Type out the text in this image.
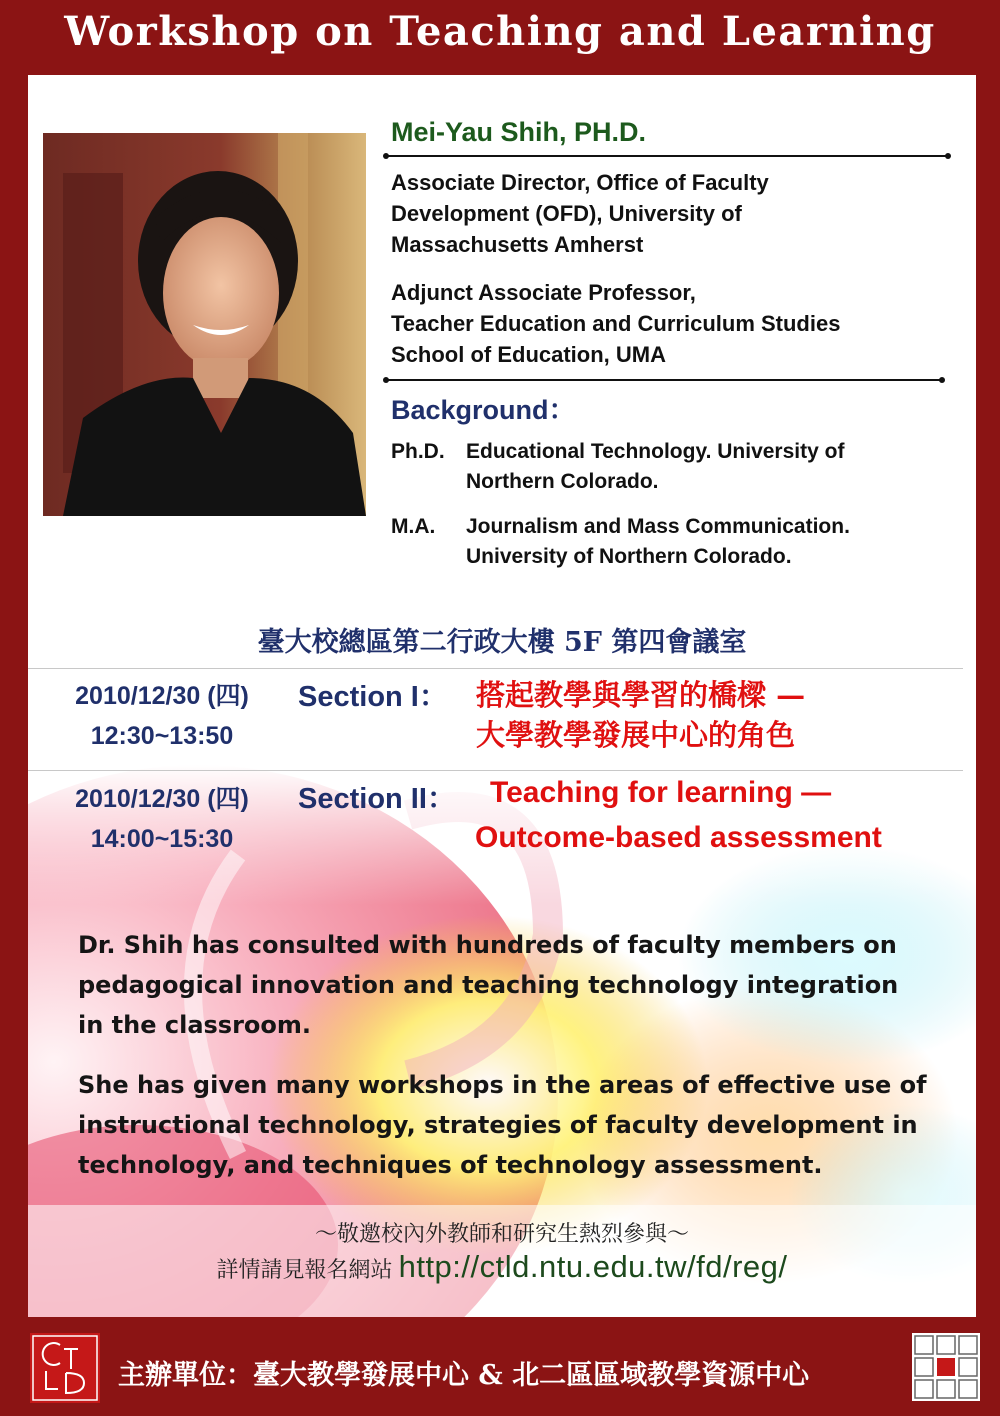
Workshop on Teaching and Learning
Mei-Yau Shih, PH.D.
Associate Director, Office of Faculty
Development (OFD), University of
Massachusetts Amherst
Adjunct Associate Professor,
Teacher Education and Curriculum Studies
School of Education, UMA
Background：
Ph.D. Educational Technology. University of
Northern Colorado.
M.A. Journalism and Mass Communication.
University of Northern Colorado.
臺大校總區第二行政大樓 5F 第四會議室
2010/12/30 (四)
12:30~13:50
Section I： 搭起教學與學習的橋樑 —
大學教學發展中心的角色
2010/12/30 (四)
14:00~15:30
Section II： Teaching for learning —
Outcome-based assessment
Dr. Shih has consulted with hundreds of faculty members on
pedagogical innovation and teaching technology integration
in the classroom.
She has given many workshops in the areas of effective use of
instructional technology, strategies of faculty development in
technology, and techniques of technology assessment.
～敬邀校內外教師和研究生熱烈參與～
詳情請見報名網站 http://ctld.ntu.edu.tw/fd/reg/
主辦單位：臺大教學發展中心 & 北二區區域教學資源中心
